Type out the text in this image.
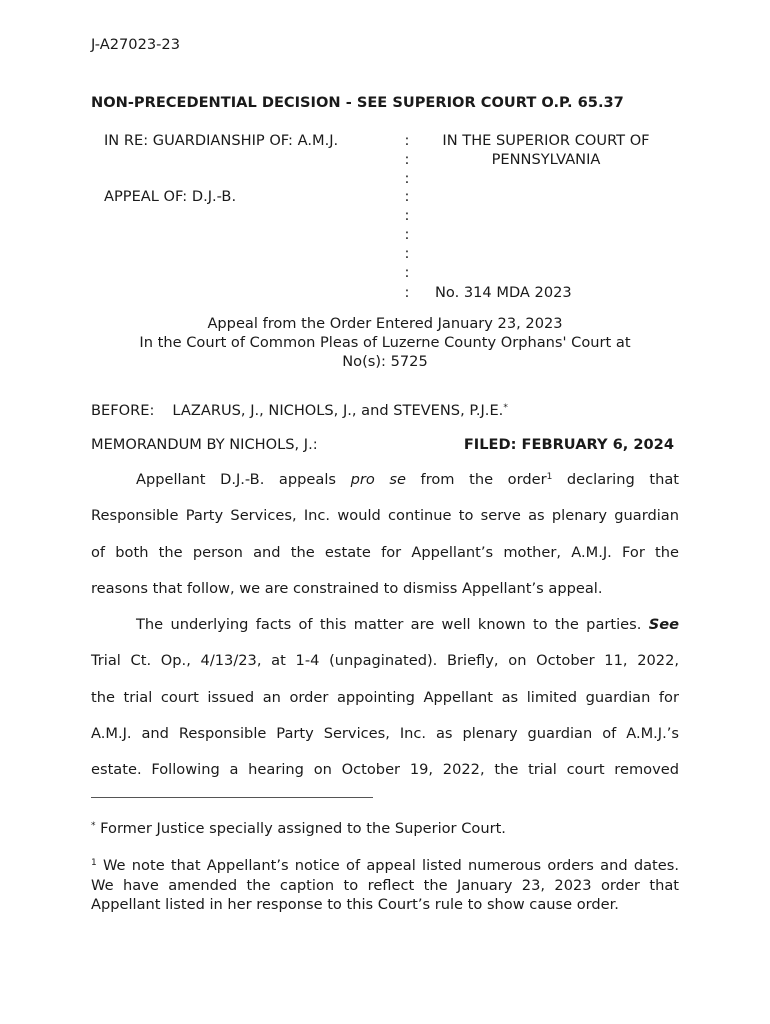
J-A27023-23
NON-PRECEDENTIAL DECISION - SEE SUPERIOR COURT O.P. 65.37
IN RE: GUARDIANSHIP OF: A.M.J.
APPEAL OF: D.J.-B.
:
:
:
:
:
:
:
:
:
IN THE SUPERIOR COURT OF
PENNSYLVANIA
No. 314 MDA 2023
Appeal from the Order Entered January 23, 2023
In the Court of Common Pleas of Luzerne County Orphans' Court at
No(s): 5725
BEFORE: LAZARUS, J., NICHOLS, J., and STEVENS, P.J.E.*
MEMORANDUM BY NICHOLS, J.:	FILED: FEBRUARY 6, 2024
Appellant D.J.-B. appeals pro se from the order$^1$ declaring that
Responsible Party Services, Inc. would continue to serve as plenary guardian
of both the person and the estate for Appellant’s mother, A.M.J. For the
reasons that follow, we are constrained to dismiss Appellant’s appeal.
The underlying facts of this matter are well known to the parties. See
Trial Ct. Op., 4/13/23, at 1-4 (unpaginated). Briefly, on October 11, 2022,
the trial court issued an order appointing Appellant as limited guardian for
A.M.J. and Responsible Party Services, Inc. as plenary guardian of A.M.J.’s
estate. Following a hearing on October 19, 2022, the trial court removed
* Former Justice specially assigned to the Superior Court.
$^1$ We note that Appellant’s notice of appeal listed numerous orders and dates.
We have amended the caption to reflect the January 23, 2023 order that
Appellant listed in her response to this Court’s rule to show cause order.
